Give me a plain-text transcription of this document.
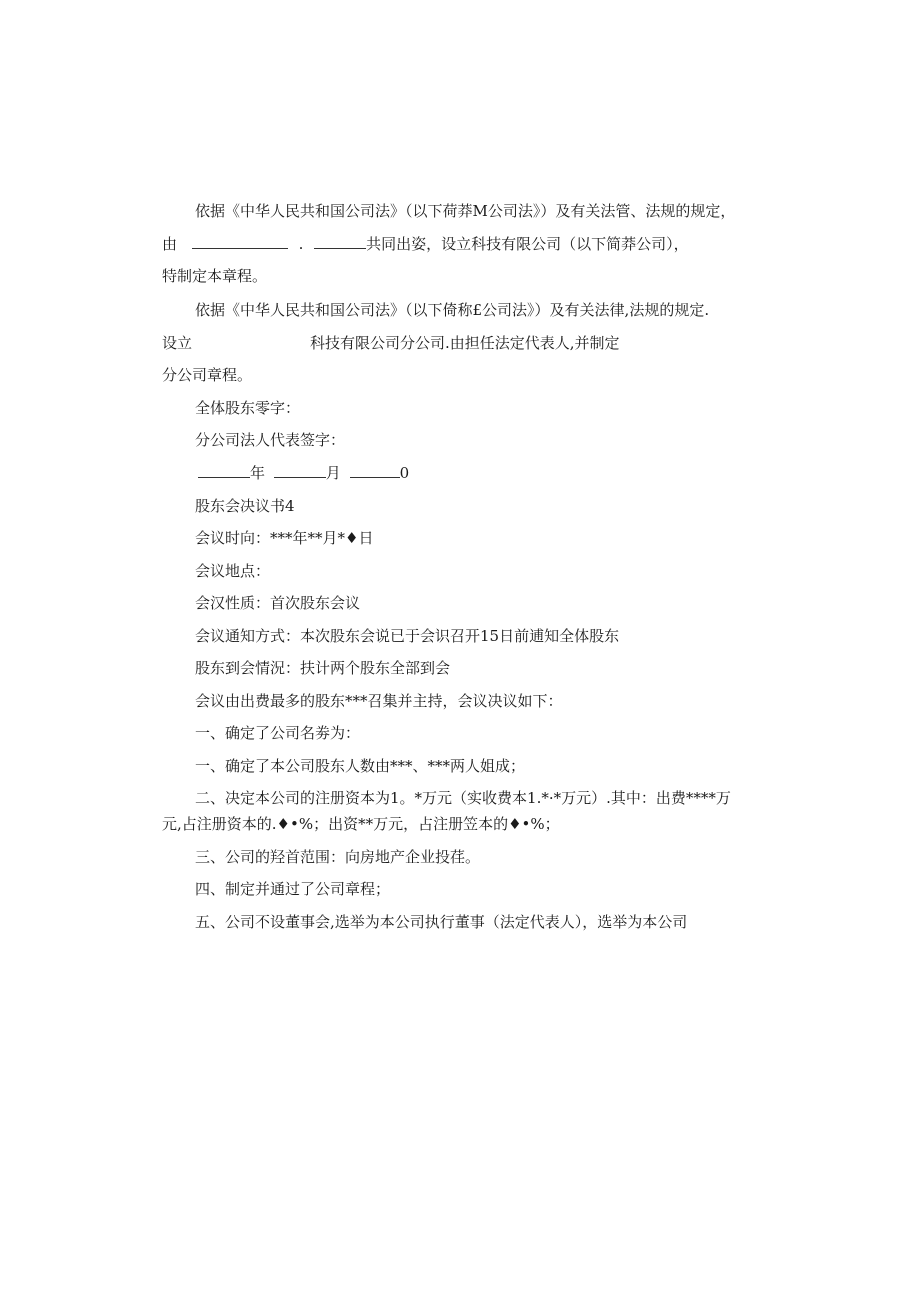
依据《中华人民共和国公司法》（以下荷莽M公司法》）及有关法管、法规的规定，
由	.	共同出姿，设立科技有限公司（以下简莽公司），
特制定本章程。
依据《中华人民共和国公司法》（以下倚称£公司法》）及有关法律,法规的规定.
设立	科技有限公司分公司.由担任法定代表人,并制定
分公司章程。
全体股东零字：
分公司法人代表签字：
年	月	0
股东会决议书4
会议时向：***年**月*♦日
会议地点：
会汉性质：首次股东会议
会议通知方式：本次股东会说已于会识召开15日前逋知全体股东
股东到会情況：扶计两个股东全部到会
会议由出费最多的股东***召集并主持，会议决议如下：
一、确定了公司名劵为：
一、确定了本公司股东人数由***、***两人姐成；
二、决定本公司的注册资本为1。*万元（实收费本1.*·*万元）.其中：出费****万
元,占注册资本的.♦•%；出资**万元，占注册笠本的♦•%；
三、公司的羟首范围：向房地产企业投荏。
四、制定并通过了公司章程；
五、公司不设董事会,选举为本公司执行董事（法定代表人），选举为本公司
